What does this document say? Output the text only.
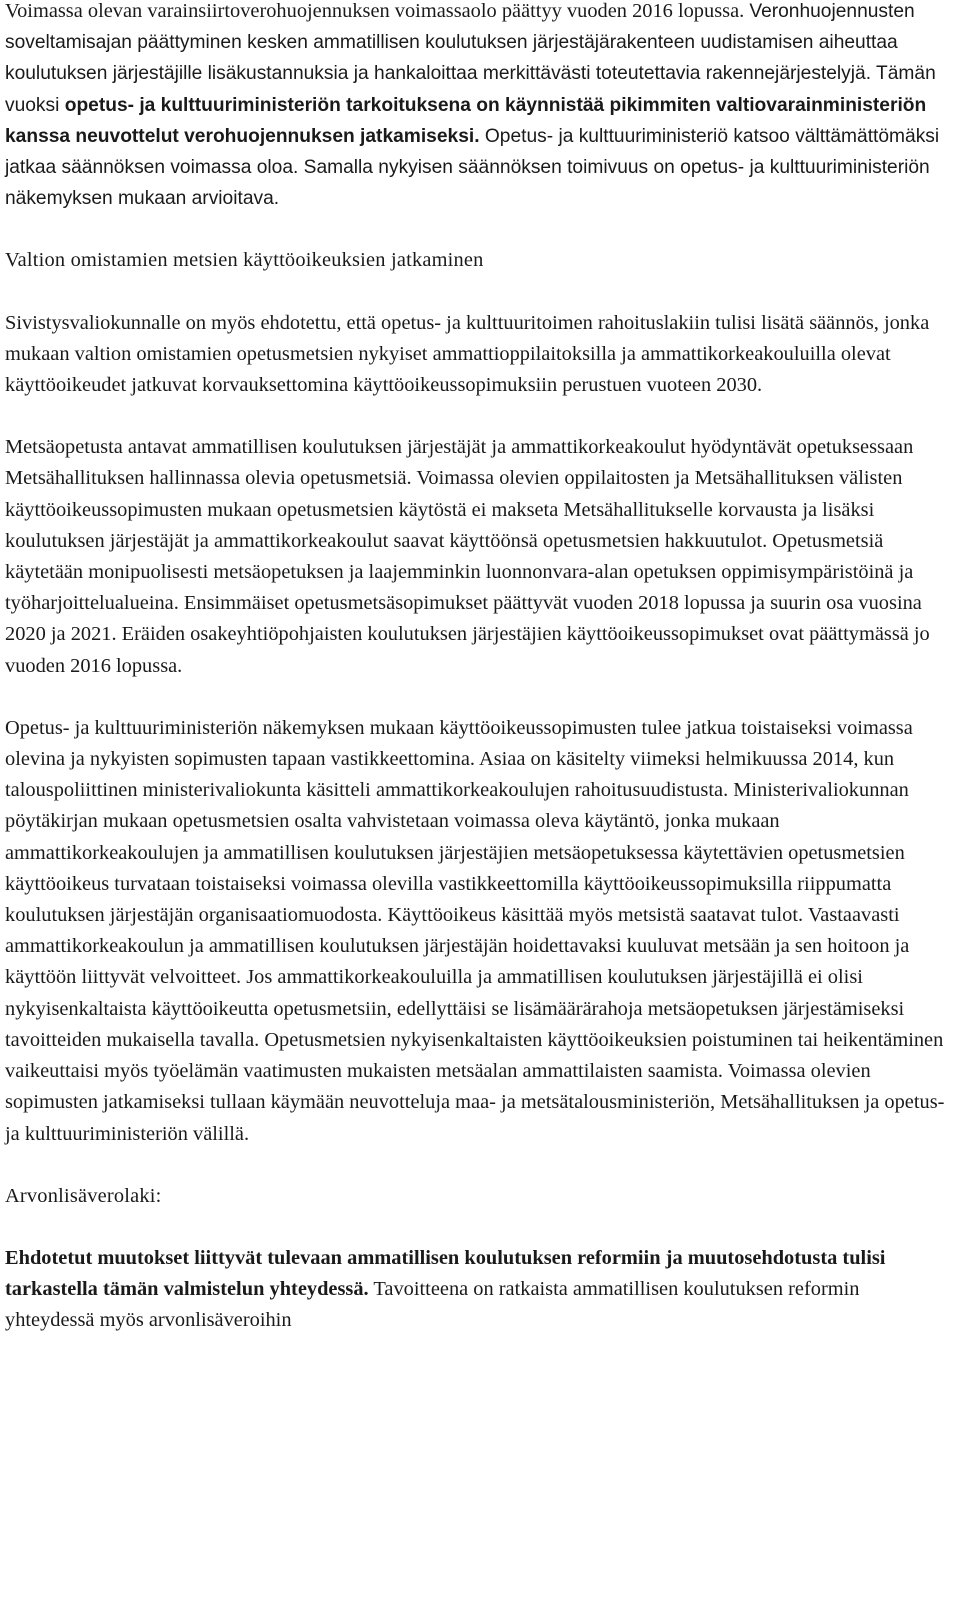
Voimassa olevan varainsiirtoverohuojennuksen voimassaolo päättyy vuoden 2016 lopussa. Veronhuojennusten soveltamisajan päättyminen kesken ammatillisen koulutuksen järjestäjärakenteen uudistamisen aiheuttaa koulutuksen järjestäjille lisäkustannuksia ja hankaloittaa merkittävästi toteutettavia rakennejärjestelyjä. Tämän vuoksi opetus- ja kulttuuriministeriön tarkoituksena on käynnistää pikimmiten valtiovarainministeriön kanssa neuvottelut verohuojennuksen jatkamiseksi. Opetus- ja kulttuuriministeriö katsoo välttämättömäksi jatkaa säännöksen voimassa oloa. Samalla nykyisen säännöksen toimivuus on opetus- ja kulttuuriministeriön näkemyksen mukaan arvioitava.

Valtion omistamien metsien käyttöoikeuksien jatkaminen

Sivistysvaliokunnalle on myös ehdotettu, että opetus- ja kulttuuritoimen rahoituslakiin tulisi lisätä säännös, jonka mukaan valtion omistamien opetusmetsien nykyiset ammattioppilaitoksilla ja ammattikorkeakouluilla olevat käyttöoikeudet jatkuvat korvauksettomina käyttöoikeussopimuksiin perustuen vuoteen 2030.

Metsäopetusta antavat ammatillisen koulutuksen järjestäjät ja ammattikorkeakoulut hyödyntävät opetuksessaan Metsähallituksen hallinnassa olevia opetusmetsiä. Voimassa olevien oppilaitosten ja Metsähallituksen välisten käyttöoikeussopimusten mukaan opetusmetsien käytöstä ei makseta Metsähallitukselle korvausta ja lisäksi koulutuksen järjestäjät ja ammattikorkeakoulut saavat käyttöönsä opetusmetsien hakkuutulot. Opetusmetsiä käytetään monipuolisesti metsäopetuksen ja laajemminkin luonnonvara-alan opetuksen oppimisympäristöinä ja työharjoittelualueina. Ensimmäiset opetusmetsäsopimukset päättyvät vuoden 2018 lopussa ja suurin osa vuosina 2020 ja 2021. Eräiden osakeyhtiöpohjaisten koulutuksen järjestäjien käyttöoikeussopimukset ovat päättymässä jo vuoden 2016 lopussa.

Opetus- ja kulttuuriministeriön näkemyksen mukaan käyttöoikeussopimusten tulee jatkua toistaiseksi voimassa olevina ja nykyisten sopimusten tapaan vastikkeettomina. Asiaa on käsitelty viimeksi helmikuussa 2014, kun talouspoliittinen ministerivaliokunta käsitteli ammattikorkeakoulujen rahoitusuudistusta. Ministerivaliokunnan pöytäkirjan mukaan opetusmetsien osalta vahvistetaan voimassa oleva käytäntö, jonka mukaan ammattikorkeakoulujen ja ammatillisen koulutuksen järjestäjien metsäopetuksessa käytettävien opetusmetsien käyttöoikeus turvataan toistaiseksi voimassa olevilla vastikkeettomilla käyttöoikeussopimuksilla riippumatta koulutuksen järjestäjän organisaatiomuodosta. Käyttöoikeus käsittää myös metsistä saatavat tulot. Vastaavasti ammattikorkeakoulun ja ammatillisen koulutuksen järjestäjän hoidettavaksi kuuluvat metsään ja sen hoitoon ja käyttöön liittyvät velvoitteet. Jos ammattikorkeakouluilla ja ammatillisen koulutuksen järjestäjillä ei olisi nykyisenkaltaista käyttöoikeutta opetusmetsiin, edellyttäisi se lisämäärärahoja metsäopetuksen järjestämiseksi tavoitteiden mukaisella tavalla. Opetusmetsien nykyisenkaltaisten käyttöoikeuksien poistuminen tai heikentäminen vaikeuttaisi myös työelämän vaatimusten mukaisten metsäalan ammattilaisten saamista. Voimassa olevien sopimusten jatkamiseksi tullaan käymään neuvotteluja maa- ja metsätalousministeriön, Metsähallituksen ja opetus- ja kulttuuriministeriön välillä.

Arvonlisäverolaki:

Ehdotetut muutokset liittyvät tulevaan ammatillisen koulutuksen reformiin ja muutosehdotusta tulisi tarkastella tämän valmistelun yhteydessä. Tavoitteena on ratkaista ammatillisen koulutuksen reformin yhteydessä myös arvonlisäveroihin
